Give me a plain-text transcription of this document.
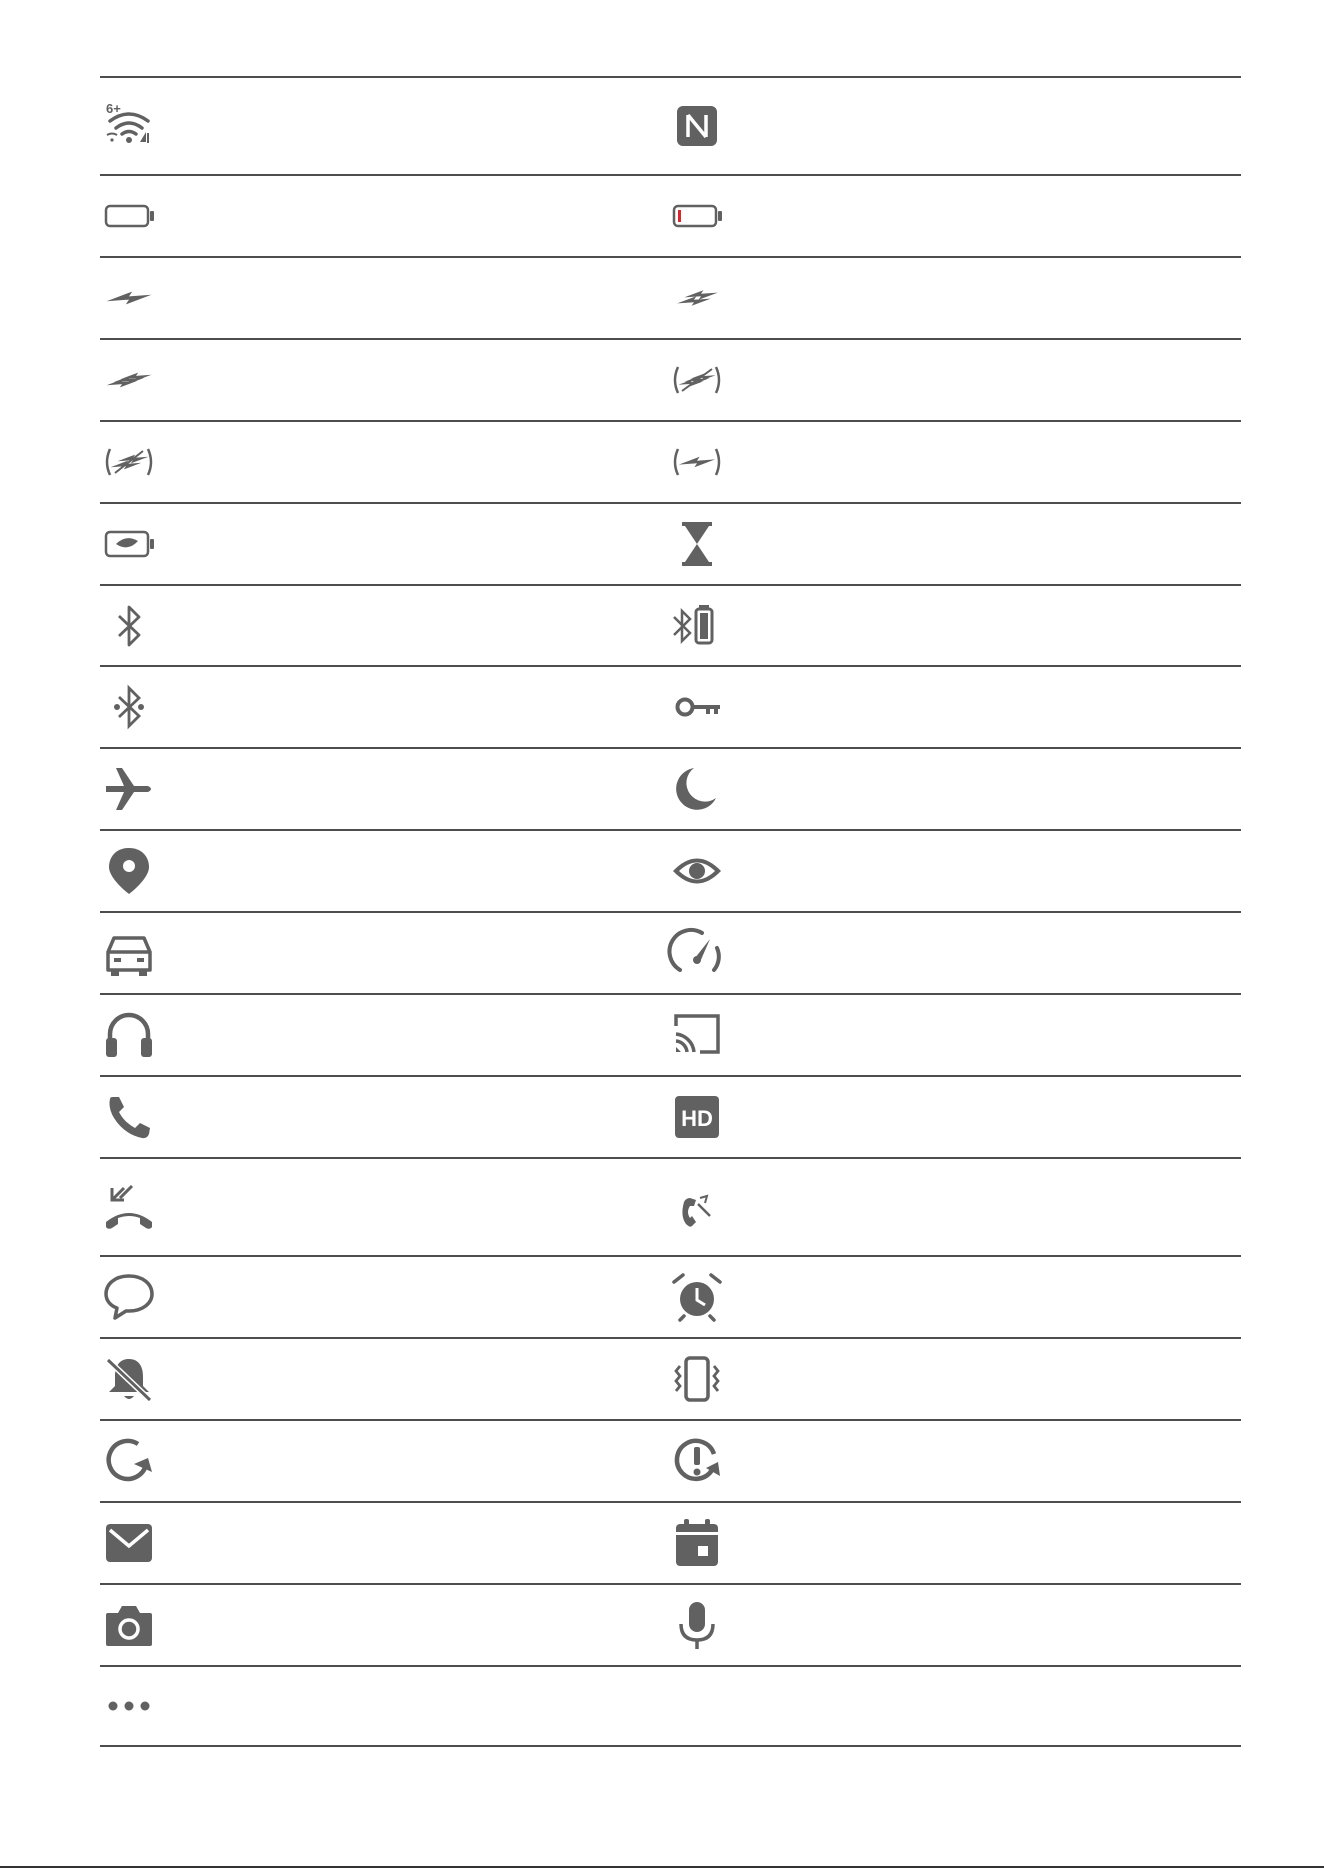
6+
HD
